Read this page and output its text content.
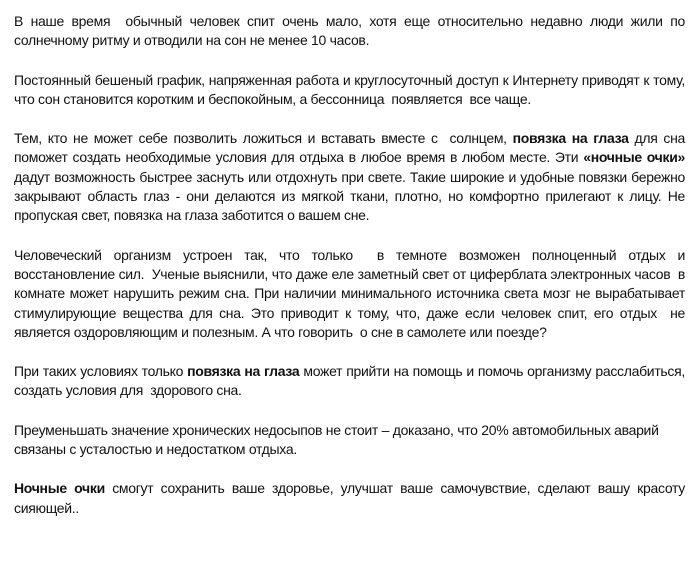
В наше время  обычный человек спит очень мало, хотя еще относительно недавно люди жили по солнечному ритму и отводили на сон не менее 10 часов.

Постоянный бешеный график, напряженная работа и круглосуточный доступ к Интернету приводят к тому, что сон становится коротким и беспокойным, а бессонница  появляется  все чаще.

Тем, кто не может себе позволить ложиться и вставать вместе с  солнцем, повязка на глаза для сна  поможет создать необходимые условия для отдыха в любое время в любом месте. Эти «ночные очки» дадут возможность быстрее заснуть или отдохнуть при свете. Такие широкие и удобные повязки бережно закрывают область глаз - они делаются из мягкой ткани, плотно, но комфортно прилегают к лицу. Не пропуская свет, повязка на глаза заботится о вашем сне.

Человеческий организм устроен так, что только  в темноте возможен полноценный отдых и  восстановление сил.  Ученые выяснили, что даже еле заметный свет от циферблата электронных часов  в комнате может нарушить режим сна. При наличии минимального источника света мозг не вырабатывает стимулирующие вещества для сна. Это приводит к тому, что, даже если человек спит, его отдых  не является оздоровляющим и полезным. А что говорить  о сне в самолете или поезде?

При таких условиях только повязка на глаза может прийти на помощь и помочь организму расслабиться, создать условия для  здорового сна.

Преуменьшать значение хронических недосыпов не стоит – доказано, что 20% автомобильных аварий связаны с усталостью и недостатком отдыха.

Ночные очки смогут сохранить ваше здоровье, улучшат ваше самочувствие, сделают вашу красоту сияющей..
